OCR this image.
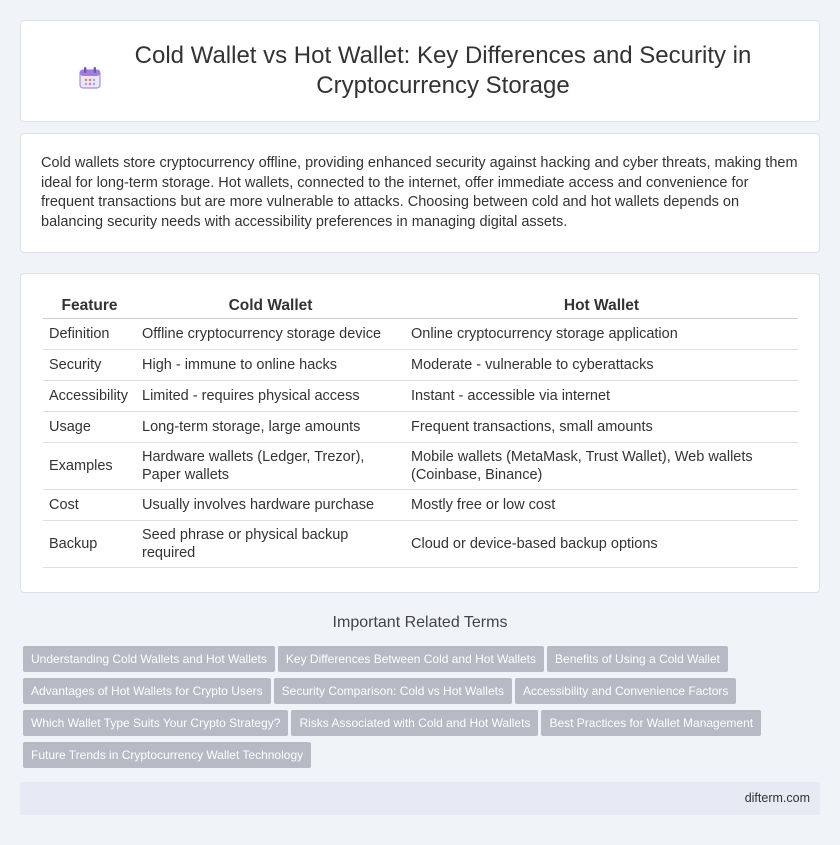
Cold Wallet vs Hot Wallet: Key Differences and Security in Cryptocurrency Storage

Cold wallets store cryptocurrency offline, providing enhanced security against hacking and cyber threats, making them ideal for long-term storage. Hot wallets, connected to the internet, offer immediate access and convenience for frequent transactions but are more vulnerable to attacks. Choosing between cold and hot wallets depends on balancing security needs with accessibility preferences in managing digital assets.

Feature	Cold Wallet	Hot Wallet
Definition	Offline cryptocurrency storage device	Online cryptocurrency storage application
Security	High - immune to online hacks	Moderate - vulnerable to cyberattacks
Accessibility	Limited - requires physical access	Instant - accessible via internet
Usage	Long-term storage, large amounts	Frequent transactions, small amounts
Examples	Hardware wallets (Ledger, Trezor), Paper wallets	Mobile wallets (MetaMask, Trust Wallet), Web wallets (Coinbase, Binance)
Cost	Usually involves hardware purchase	Mostly free or low cost
Backup	Seed phrase or physical backup required	Cloud or device-based backup options
Important Related Terms
Understanding Cold Wallets and Hot Wallets Key Differences Between Cold and Hot Wallets Benefits of Using a Cold Wallet
Advantages of Hot Wallets for Crypto Users Security Comparison: Cold vs Hot Wallets Accessibility and Convenience Factors
Which Wallet Type Suits Your Crypto Strategy? Risks Associated with Cold and Hot Wallets Best Practices for Wallet Management
Future Trends in Cryptocurrency Wallet Technology
difterm.com
